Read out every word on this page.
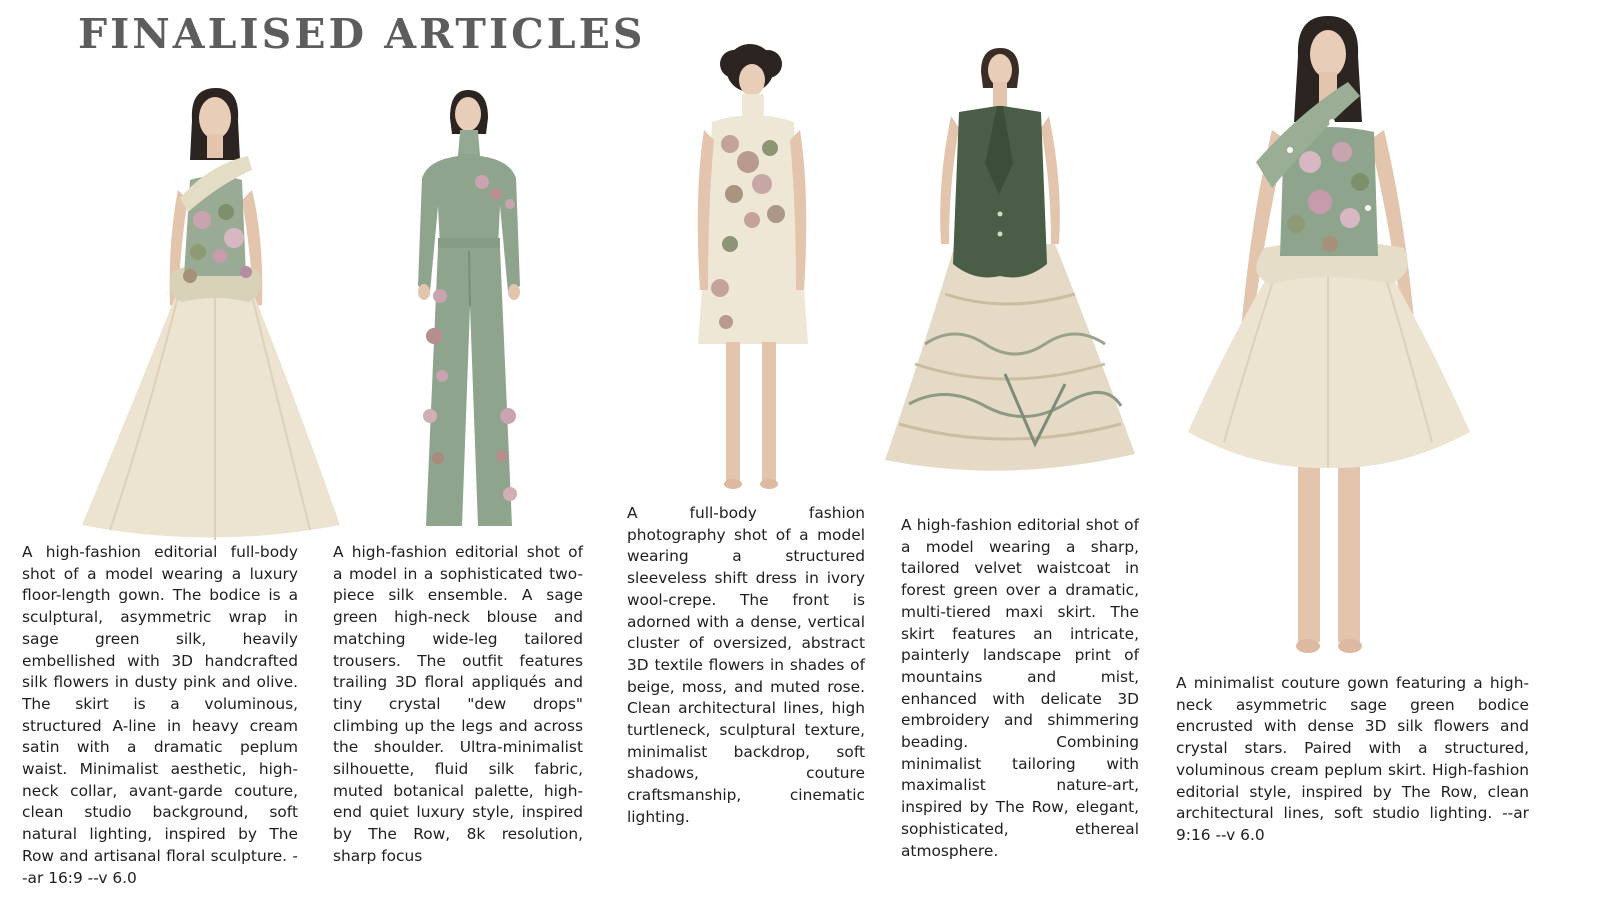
FINALISED ARTICLES

A high-fashion editorial full-body shot of a model wearing a luxury floor-length gown. The bodice is a sculptural, asymmetric wrap in sage green silk, heavily embellished with 3D handcrafted silk flowers in dusty pink and olive. The skirt is a voluminous, structured A-line in heavy cream satin with a dramatic peplum waist. Minimalist aesthetic, high-neck collar, avant-garde couture, clean studio background, soft natural lighting, inspired by The Row and artisanal floral sculpture. --ar 16:9 --v 6.0

A high-fashion editorial shot of a model in a sophisticated two-piece silk ensemble. A sage green high-neck blouse and matching wide-leg tailored trousers. The outfit features trailing 3D floral appliqués and tiny crystal "dew drops" climbing up the legs and across the shoulder. Ultra-minimalist silhouette, fluid silk fabric, muted botanical palette, high-end quiet luxury style, inspired by The Row, 8k resolution, sharp focus

A full-body fashion photography shot of a model wearing a structured sleeveless shift dress in ivory wool-crepe. The front is adorned with a dense, vertical cluster of oversized, abstract 3D textile flowers in shades of beige, moss, and muted rose. Clean architectural lines, high turtleneck, sculptural texture, minimalist backdrop, soft shadows, couture craftsmanship, cinematic lighting.

A high-fashion editorial shot of a model wearing a sharp, tailored velvet waistcoat in forest green over a dramatic, multi-tiered maxi skirt. The skirt features an intricate, painterly landscape print of mountains and mist, enhanced with delicate 3D embroidery and shimmering beading. Combining minimalist tailoring with maximalist nature-art, inspired by The Row, elegant, sophisticated, ethereal atmosphere.

A minimalist couture gown featuring a high-neck asymmetric sage green bodice encrusted with dense 3D silk flowers and crystal stars. Paired with a structured, voluminous cream peplum skirt. High-fashion editorial style, inspired by The Row, clean architectural lines, soft studio lighting. --ar 9:16 --v 6.0
